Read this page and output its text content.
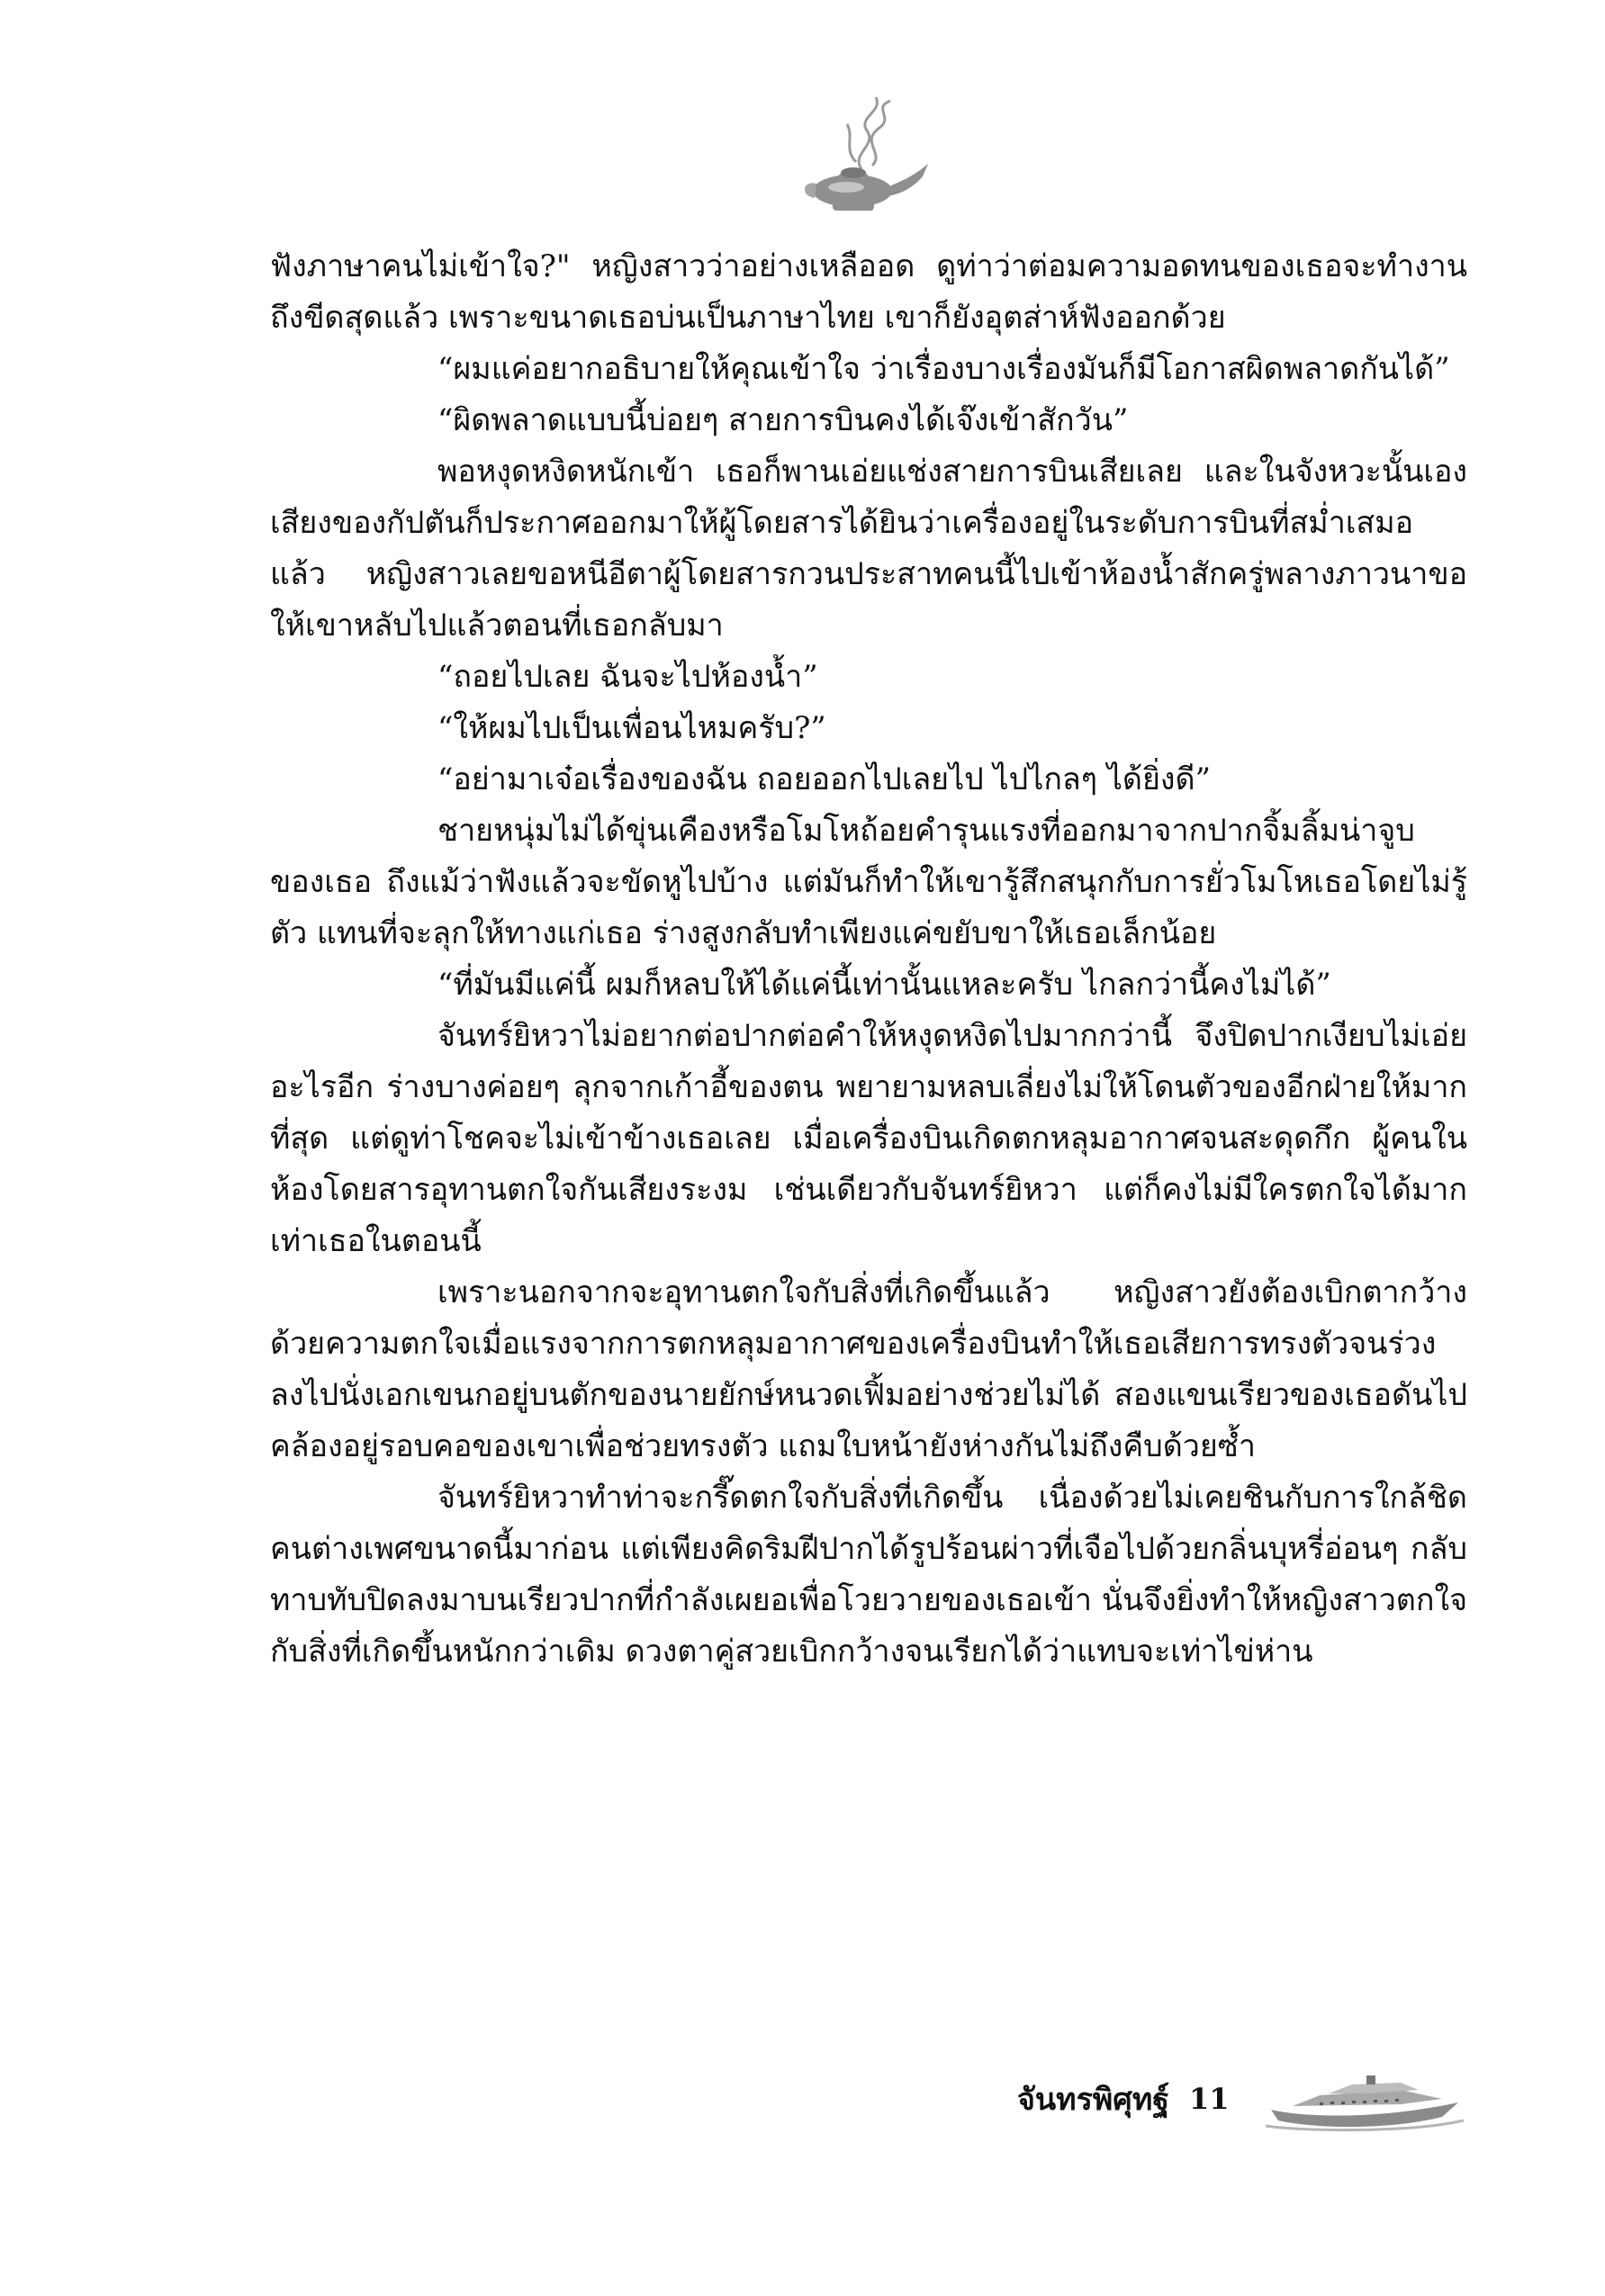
ฟังภาษาคนไม่เข้าใจ?" หญิงสาวว่าอย่างเหลืออด ดูท่าว่าต่อมความอดทนของเธอจะทำงานถึงขีดสุดแล้ว เพราะขนาดเธอบ่นเป็นภาษาไทย เขาก็ยังอุตส่าห์ฟังออกด้วย

“ผมแค่อยากอธิบายให้คุณเข้าใจ ว่าเรื่องบางเรื่องมันก็มีโอกาสผิดพลาดกันได้”

“ผิดพลาดแบบนี้บ่อยๆ สายการบินคงได้เจ๊งเข้าสักวัน”

พอหงุดหงิดหนักเข้า เธอก็พานเอ่ยแช่งสายการบินเสียเลย และในจังหวะนั้นเองเสียงของกัปตันก็ประกาศออกมาให้ผู้โดยสารได้ยินว่าเครื่องอยู่ในระดับการบินที่สม่ำเสมอแล้ว หญิงสาวเลยขอหนีอีตาผู้โดยสารกวนประสาทคนนี้ไปเข้าห้องน้ำสักครู่พลางภาวนาขอให้เขาหลับไปแล้วตอนที่เธอกลับมา

“ถอยไปเลย ฉันจะไปห้องน้ำ”

“ให้ผมไปเป็นเพื่อนไหมครับ?”

“อย่ามาเจ๋อเรื่องของฉัน ถอยออกไปเลยไป ไปไกลๆ ได้ยิ่งดี”

ชายหนุ่มไม่ได้ขุ่นเคืองหรือโมโหถ้อยคำรุนแรงที่ออกมาจากปากจิ้มลิ้มน่าจูบของเธอ ถึงแม้ว่าฟังแล้วจะขัดหูไปบ้าง แต่มันก็ทำให้เขารู้สึกสนุกกับการยั่วโมโหเธอโดยไม่รู้ตัว แทนที่จะลุกให้ทางแก่เธอ ร่างสูงกลับทำเพียงแค่ขยับขาให้เธอเล็กน้อย

“ที่มันมีแค่นี้ ผมก็หลบให้ได้แค่นี้เท่านั้นแหละครับ ไกลกว่านี้คงไม่ได้”

จันทร์ยิหวาไม่อยากต่อปากต่อคำให้หงุดหงิดไปมากกว่านี้ จึงปิดปากเงียบไม่เอ่ยอะไรอีก ร่างบางค่อยๆ ลุกจากเก้าอี้ของตน พยายามหลบเลี่ยงไม่ให้โดนตัวของอีกฝ่ายให้มากที่สุด แต่ดูท่าโชคจะไม่เข้าข้างเธอเลย เมื่อเครื่องบินเกิดตกหลุมอากาศจนสะดุดกึก ผู้คนในห้องโดยสารอุทานตกใจกันเสียงระงม เช่นเดียวกับจันทร์ยิหวา แต่ก็คงไม่มีใครตกใจได้มากเท่าเธอในตอนนี้

เพราะนอกจากจะอุทานตกใจกับสิ่งที่เกิดขึ้นแล้ว หญิงสาวยังต้องเบิกตากว้างด้วยความตกใจเมื่อแรงจากการตกหลุมอากาศของเครื่องบินทำให้เธอเสียการทรงตัวจนร่วงลงไปนั่งเอกเขนกอยู่บนตักของนายยักษ์หนวดเฟิ้มอย่างช่วยไม่ได้ สองแขนเรียวของเธอดันไปคล้องอยู่รอบคอของเขาเพื่อช่วยทรงตัว แถมใบหน้ายังห่างกันไม่ถึงคืบด้วยซ้ำ

จันทร์ยิหวาทำท่าจะกรี๊ดตกใจกับสิ่งที่เกิดขึ้น เนื่องด้วยไม่เคยชินกับการใกล้ชิดคนต่างเพศขนาดนี้มาก่อน แต่เพียงคิดริมฝีปากได้รูปร้อนผ่าวที่เจือไปด้วยกลิ่นบุหรี่อ่อนๆ กลับทาบทับปิดลงมาบนเรียวปากที่กำลังเผยอเพื่อโวยวายของเธอเข้า นั่นจึงยิ่งทำให้หญิงสาวตกใจกับสิ่งที่เกิดขึ้นหนักกว่าเดิม ดวงตาคู่สวยเบิกกว้างจนเรียกได้ว่าแทบจะเท่าไข่ห่าน

จันทรพิศุทฐ์ 11
